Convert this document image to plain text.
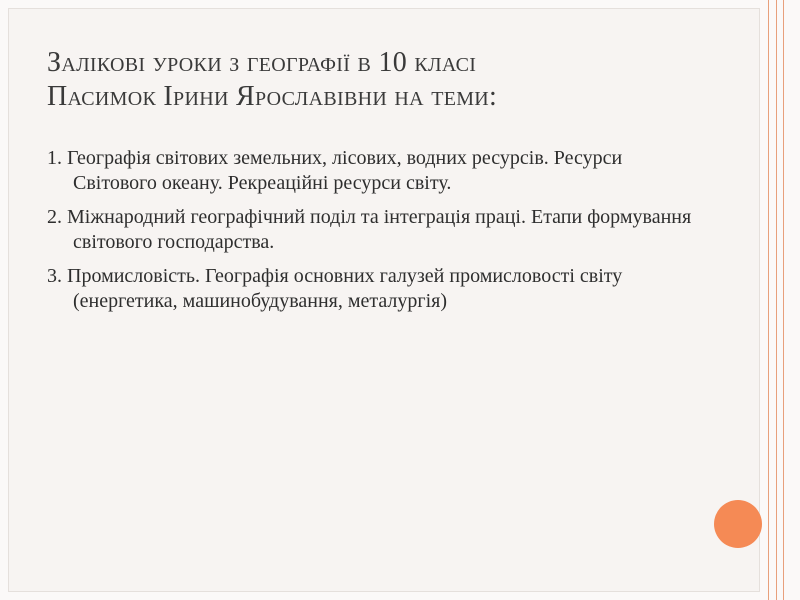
Залікові уроки з географії в 10 класі
Пасимок Ірини Ярославівни на теми:
1. Географія світових земельних, лісових, водних ресурсів. Ресурси Світового океану. Рекреаційні ресурси світу.
2. Міжнародний географічний поділ та інтеграція праці. Етапи формування світового господарства.
3. Промисловість. Географія основних галузей промисловості світу (енергетика, машинобудування, металургія)
